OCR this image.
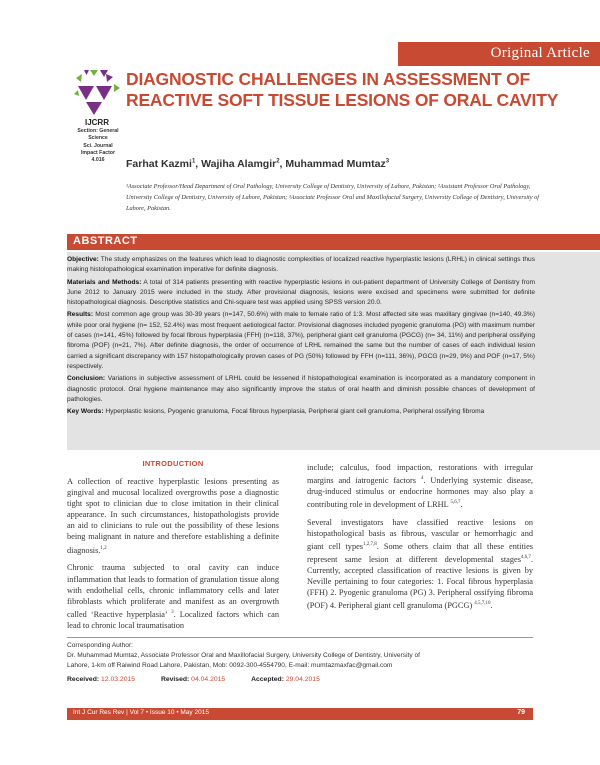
Original Article
IJCRR
Section: General
Science
Sci. Journal
Impact Factor
4.016
DIAGNOSTIC CHALLENGES IN ASSESSMENT OF REACTIVE SOFT TISSUE LESIONS OF ORAL CAVITY
Farhat Kazmi$^1$, Wajiha Alamgir$^2$, Muhammad Mumtaz$^3$
¹Associate Professor/Head Department of Oral Pathology, University College of Dentistry, University of Lahore, Pakistan; ²Assistant Professor Oral Pathology, University College of Dentistry, University of Lahore, Pakistan; ³Associate Professor Oral and Maxillofacial Surgery, University College of Dentistry, University of Lahore, Pakistan.
ABSTRACT

Objective: The study emphasizes on the features which lead to diagnostic complexities of localized reactive hyperplastic lesions (LRHL) in clinical settings thus making histolopathological examination imperative for definite diagnosis.

Materials and Methods: A total of 314 patients presenting with reactive hyperplastic lesions in out-patient department of University College of Dentistry from June 2012 to January 2015 were included in the study. After provisional diagnosis, lesions were excised and specimens were submitted for definite histopathological diagnosis. Descriptive statistics and Chi-square test was applied using SPSS version 20.0.

Results: Most common age group was 30-39 years (n=147, 50.6%) with male to female ratio of 1:3. Most affected site was maxillary gingivae (n=140, 49.3%) while poor oral hygiene (n= 152, 52.4%) was most frequent aetiological factor. Provisional diagnoses included pyogenic granuloma (PG) with maximum number of cases (n=141, 45%) followed by focal fibrous hyperplasia (FFH) (n=118, 37%), peripheral giant cell granuloma (PGCG) (n= 34, 11%) and peripheral ossifying fibroma (POF) (n=21, 7%). After definite diagnosis, the order of occurrence of LRHL remained the same but the number of cases of each individual lesion carried a significant discrepancy with 157 histopathologically proven cases of PG (50%) followed by FFH (n=111, 36%), PGCG (n=29, 9%) and POF (n=17, 5%) respectively.

Conclusion: Variations in subjective assessment of LRHL could be lessened if histopathological examination is incorporated as a mandatory component in diagnostic protocol. Oral hygiene maintenance may also significantly improve the status of oral health and diminish possible chances of development of pathologies.

Key Words: Hyperplastic lesions, Pyogenic granuloma, Focal fibrous hyperplasia, Peripheral giant cell granuloma, Peripheral ossifying fibroma

INTRODUCTION

A collection of reactive hyperplastic lesions presenting as gingival and mucosal localized overgrowths pose a diagnostic tight spot to clinician due to close imitation in their clinical appearance. In such circumstances, histopathologists provide an aid to clinicians to rule out the possibility of these lesions being malignant in nature and therefore establishing a definite diagnosis.$^{1,2}$

Chronic trauma subjected to oral cavity can induce inflammation that leads to formation of granulation tissue along with endothelial cells, chronic inflammatory cells and later fibroblasts which proliferate and manifest as an overgrowth called ‘Reactive hyperplasia’ $^3$. Localized factors which can lead to chronic local traumatisation

include; calculus, food impaction, restorations with irregular margins and iatrogenic factors $^4$. Underlying systemic disease, drug-induced stimulus or endocrine hormones may also play a contributing role in development of LRHL $^{5,6,7}$.

Several investigators have classified reactive lesions on histopathological basis as fibrous, vascular or hemorrhagic and giant cell types$^{1,2,7,8}$. Some others claim that all these entities represent same lesion at different developmental stages$^{4,6,7}$. Currently, accepted classification of reactive lesions is given by Neville pertaining to four categories: 1. Focal fibrous hyperplasia (FFH) 2. Pyogenic granuloma (PG) 3. Peripheral ossifying fibroma (POF) 4. Peripheral giant cell granuloma (PGCG) $^{4,5,7,10}$.

Corresponding Author:
Dr. Muhammad Mumtaz, Associate Professor Oral and Maxillofacial Surgery, University College of Dentistry, University of
Lahore, 1-km off Raiwind Road Lahore, Pakistan, Mob: 0092-300-4554790, E-mail: mumtazmaxfac@gmail.com
Received: 12.03.2015	Revised: 04.04.2015	Accepted: 29.04.2015
Int J Cur Res Rev | Vol 7 • Issue 10 • May 2015	79
